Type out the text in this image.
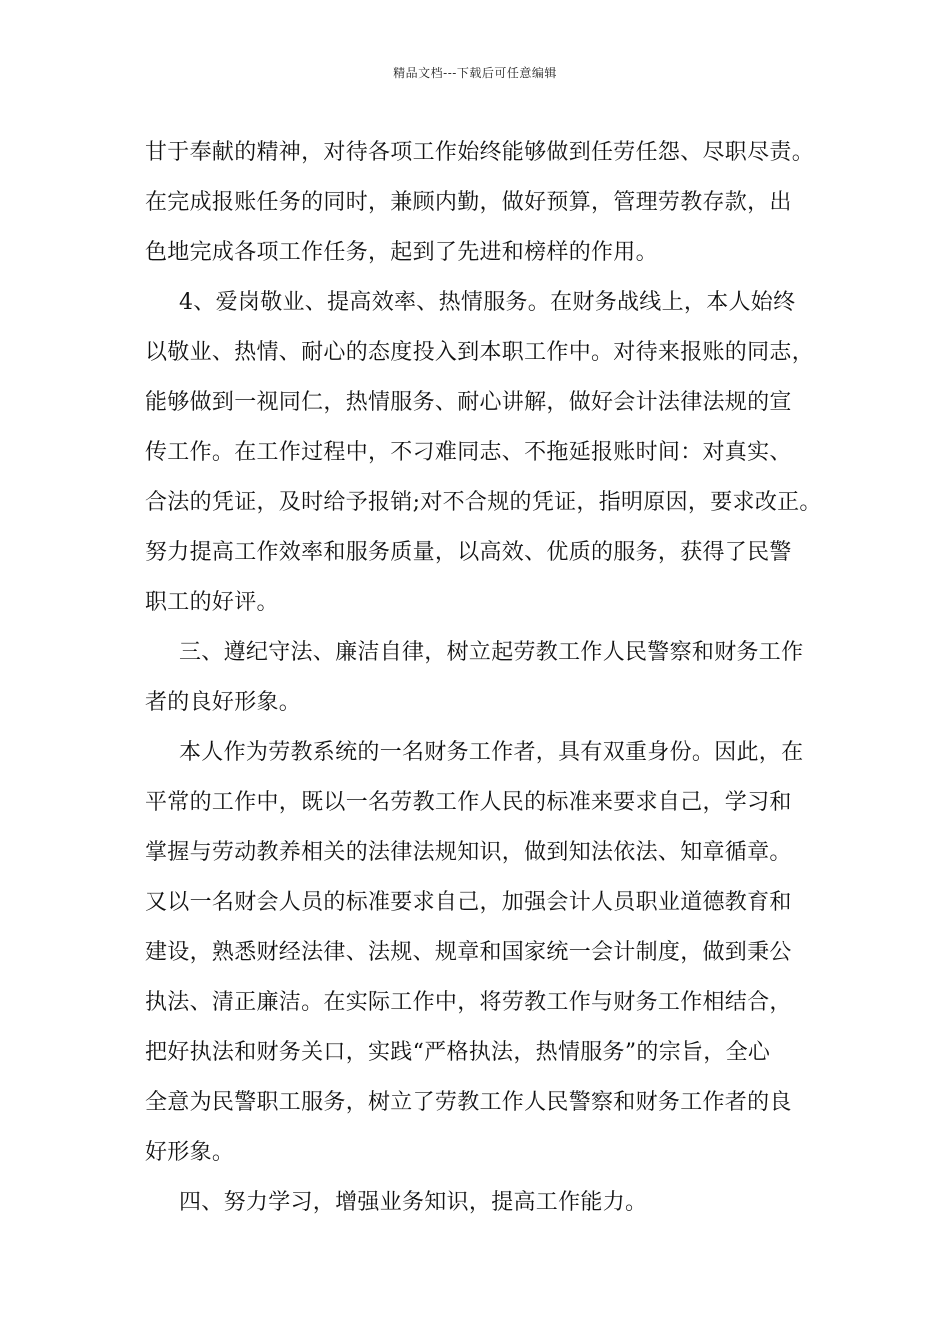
精品文档---下载后可任意编辑
甘于奉献的精神，对待各项工作始终能够做到任劳任怨、尽职尽责。
在完成报账任务的同时，兼顾内勤，做好预算，管理劳教存款，出
色地完成各项工作任务，起到了先进和榜样的作用。
4、爱岗敬业、提高效率、热情服务。在财务战线上，本人始终
以敬业、热情、耐心的态度投入到本职工作中。对待来报账的同志，
能够做到一视同仁，热情服务、耐心讲解，做好会计法律法规的宣
传工作。在工作过程中，不刁难同志、不拖延报账时间：对真实、
合法的凭证，及时给予报销;对不合规的凭证，指明原因，要求改正。
努力提高工作效率和服务质量，以高效、优质的服务，获得了民警
职工的好评。
三、遵纪守法、廉洁自律，树立起劳教工作人民警察和财务工作
者的良好形象。
本人作为劳教系统的一名财务工作者，具有双重身份。因此，在
平常的工作中，既以一名劳教工作人民的标准来要求自己，学习和
掌握与劳动教养相关的法律法规知识，做到知法依法、知章循章。
又以一名财会人员的标准要求自己，加强会计人员职业道德教育和
建设，熟悉财经法律、法规、规章和国家统一会计制度，做到秉公
执法、清正廉洁。在实际工作中，将劳教工作与财务工作相结合，
把好执法和财务关口，实践“严格执法，热情服务”的宗旨，全心
全意为民警职工服务，树立了劳教工作人民警察和财务工作者的良
好形象。
四、努力学习，增强业务知识，提高工作能力。
